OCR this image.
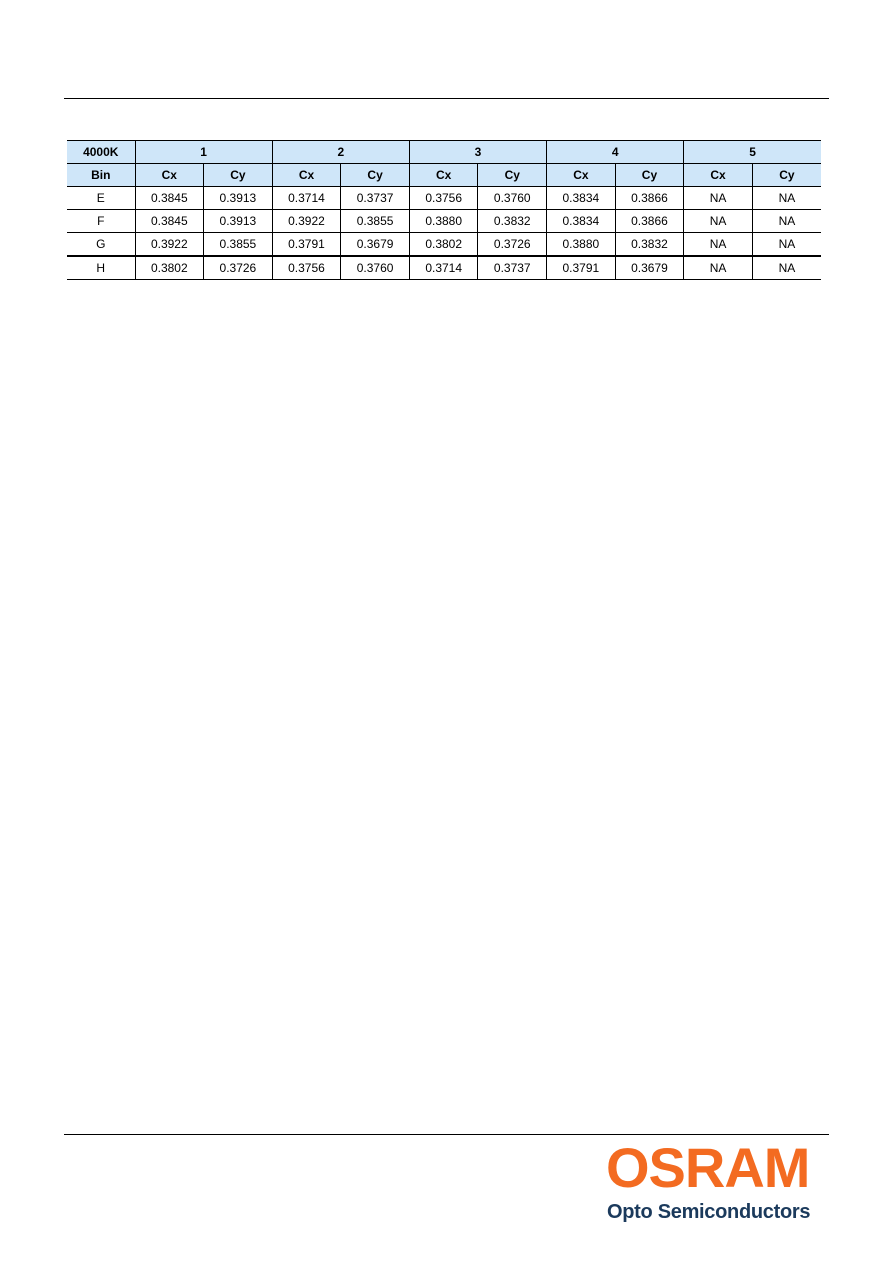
4000K	1		2		3		4		5	
Bin	Cx	Cy	Cx	Cy	Cx	Cy	Cx	Cy	Cx	Cy
E	0.3845	0.3913	0.3714	0.3737	0.3756	0.3760	0.3834	0.3866	NA	NA
F	0.3845	0.3913	0.3922	0.3855	0.3880	0.3832	0.3834	0.3866	NA	NA
G	0.3922	0.3855	0.3791	0.3679	0.3802	0.3726	0.3880	0.3832	NA	NA
H	0.3802	0.3726	0.3756	0.3760	0.3714	0.3737	0.3791	0.3679	NA	NA
OSRAM
Opto Semiconductors
